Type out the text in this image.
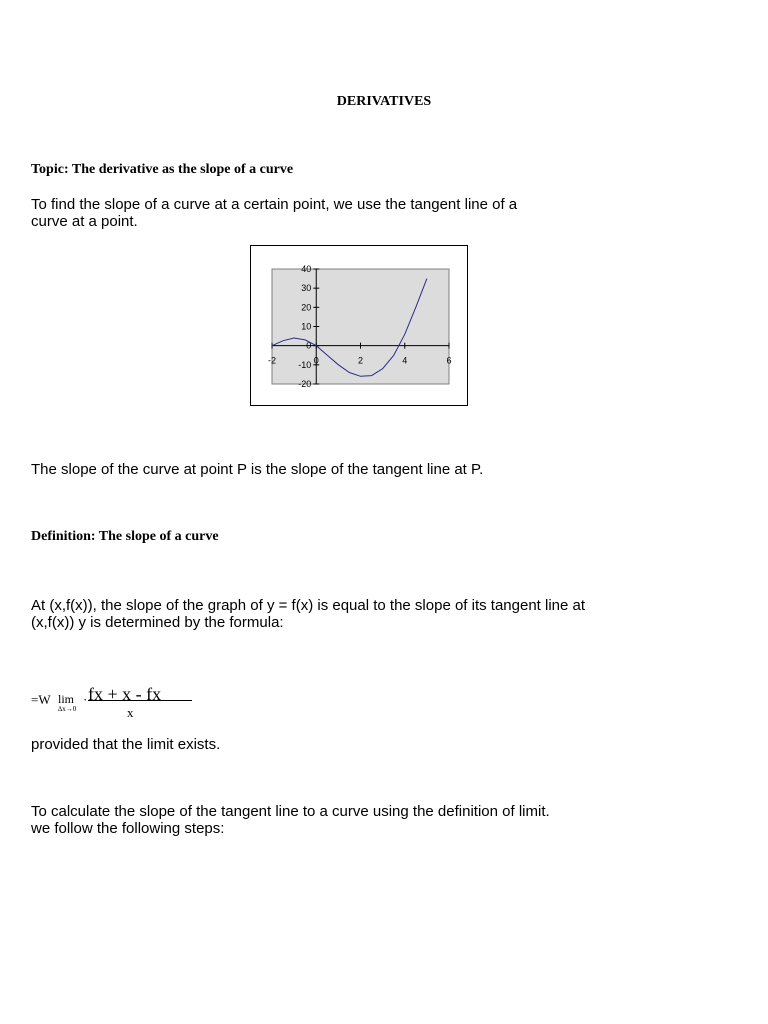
DERIVATIVES
Topic: The derivative as the slope of a curve
To find the slope of a curve at a certain point, we use the tangent line of a
curve at a point.
40
30
20
10
0
-10
-20
-2	0	2	4	6
The slope of the curve at point P is the slope of the tangent line at P.
Definition: The slope of a curve
At (x,f(x)), the slope of the graph of y = f(x) is equal to the slope of its tangent line at
(x,f(x)) y is determined by the formula:
=W lim
∆x→0
· fx + x - fx
x
provided that the limit exists.
To calculate the slope of the tangent line to a curve using the definition of limit.
we follow the following steps:
